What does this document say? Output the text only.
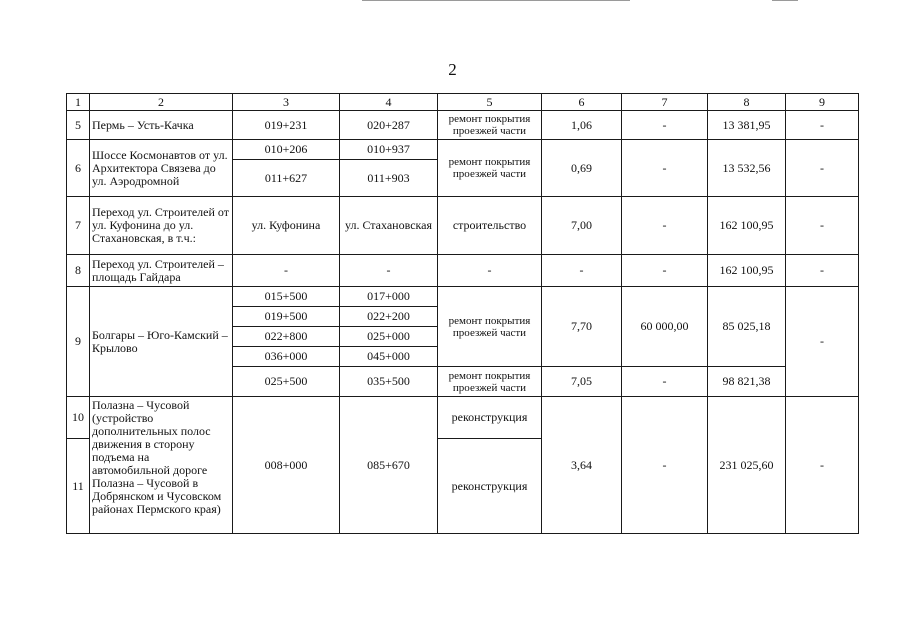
2
1	2	3	4	5	6	7	8	9
5	Пермь – Усть-Качка	019+231	020+287	ремонт покрытия проезжей части	1,06	-	13 381,95	-
6	Шоссе Космонавтов от ул. Архитектора Связева до ул. Аэродромной	010+206	010+937	ремонт покрытия проезжей части	0,69	-	13 532,56	-
		011+627	011+903					
7	Переход ул. Строителей от ул. Куфонина до ул. Стахановская, в т.ч.:	ул. Куфонина	ул. Стахановская	строительство	7,00	-	162 100,95	-
8	Переход ул. Строителей – площадь Гайдара	-	-	-	-	-	162 100,95	-
9	Болгары – Юго-Камский – Крылово	015+500	017+000	ремонт покрытия проезжей части	7,70	60 000,00	85 025,18	-
		019+500	022+200					
		022+800	025+000					
		036+000	045+000					
		025+500	035+500	ремонт покрытия проезжей части	7,05	-	98 821,38	
10	Полазна – Чусовой (устройство дополнительных полос движения в сторону подъема на автомобильной дороге Полазна – Чусовой в Добрянском и Чусовском районах Пермского края)	008+000	085+670	реконструкция	3,64	-	231 025,60	-
11				реконструкция				
